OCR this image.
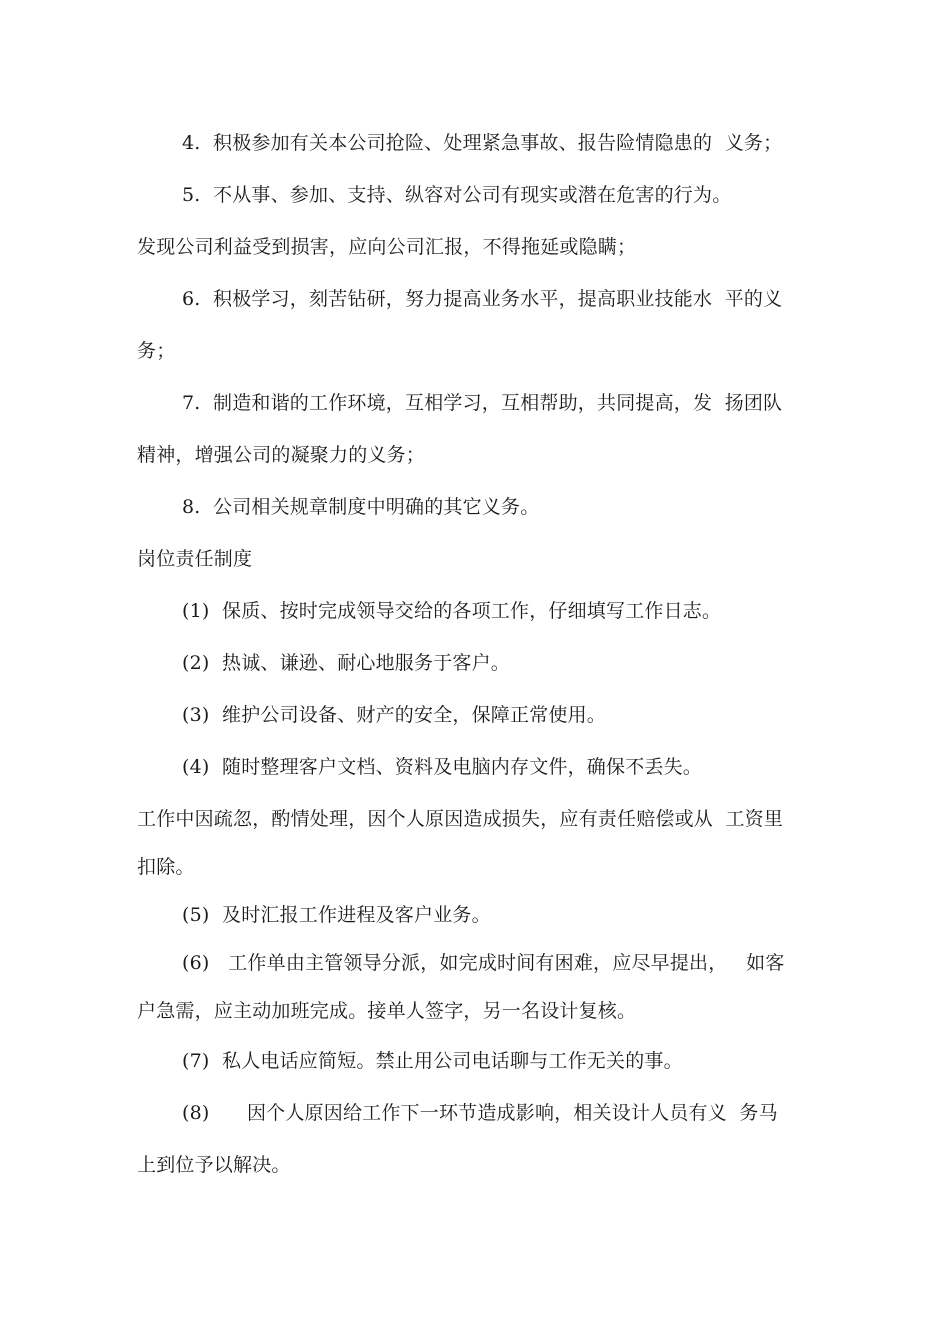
4.  积极参加有关本公司抢险、处理紧急事故、报告险情隐患的  义务；
5.  不从事、参加、支持、纵容对公司有现实或潜在危害的行为。
发现公司利益受到损害，应向公司汇报，不得拖延或隐瞒；
6.  积极学习，刻苦钻研，努力提高业务水平，提高职业技能水  平的义
务；
7.  制造和谐的工作环境，互相学习，互相帮助，共同提高，发  扬团队
精神，增强公司的凝聚力的义务；
8.  公司相关规章制度中明确的其它义务。
岗位责任制度
(1)  保质、按时完成领导交给的各项工作，仔细填写工作日志。
(2)  热诚、谦逊、耐心地服务于客户。
(3)  维护公司设备、财产的安全，保障正常使用。
(4)  随时整理客户文档、资料及电脑内存文件，确保不丢失。
工作中因疏忽，酌情处理，因个人原因造成损失，应有责任赔偿或从  工资里
扣除。
(5)  及时汇报工作进程及客户业务。
(6)   工作单由主管领导分派，如完成时间有困难，应尽早提出，   如客
户急需，应主动加班完成。接单人签字，另一名设计复核。
(7)  私人电话应简短。禁止用公司电话聊与工作无关的事。
(8)      因个人原因给工作下一环节造成影响，相关设计人员有义  务马
上到位予以解决。
